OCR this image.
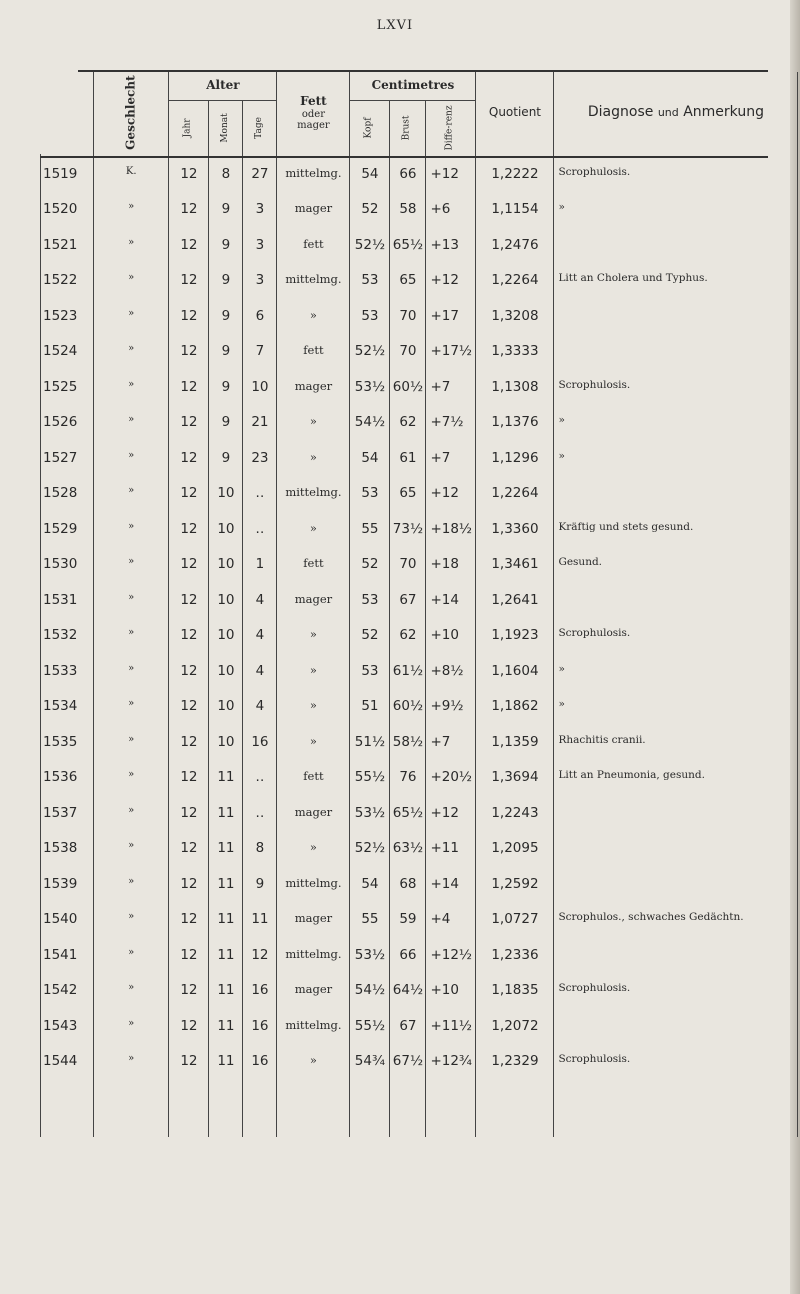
LXVI
	Geschlecht	Alter			Fett
oder
mager	Centimetres			Quotient	Diagnose und Anmerkung
		Jahr	Monat	Tage		Kopf	Brust	Diffe-renz		
1519	K.	12	8	27	mittelmg.	54	66	+12	1,2222	Scrophulosis.
1520	»	12	9	3	mager	52	58	+6	1,1154	»
1521	»	12	9	3	fett	52½	65½	+13	1,2476	
1522	»	12	9	3	mittelmg.	53	65	+12	1,2264	Litt an Cholera und Typhus.
1523	»	12	9	6	»	53	70	+17	1,3208	
1524	»	12	9	7	fett	52½	70	+17½	1,3333	
1525	»	12	9	10	mager	53½	60½	+7	1,1308	Scrophulosis.
1526	»	12	9	21	»	54½	62	+7½	1,1376	»
1527	»	12	9	23	»	54	61	+7	1,1296	»
1528	»	12	10	‥	mittelmg.	53	65	+12	1,2264	
1529	»	12	10	‥	»	55	73½	+18½	1,3360	Kräftig und stets gesund.
1530	»	12	10	1	fett	52	70	+18	1,3461	Gesund.
1531	»	12	10	4	mager	53	67	+14	1,2641	
1532	»	12	10	4	»	52	62	+10	1,1923	Scrophulosis.
1533	»	12	10	4	»	53	61½	+8½	1,1604	»
1534	»	12	10	4	»	51	60½	+9½	1,1862	»
1535	»	12	10	16	»	51½	58½	+7	1,1359	Rhachitis cranii.
1536	»	12	11	‥	fett	55½	76	+20½	1,3694	Litt an Pneumonia, gesund.
1537	»	12	11	‥	mager	53½	65½	+12	1,2243	
1538	»	12	11	8	»	52½	63½	+11	1,2095	
1539	»	12	11	9	mittelmg.	54	68	+14	1,2592	
1540	»	12	11	11	mager	55	59	+4	1,0727	Scrophulos., schwaches Gedächtn.
1541	»	12	11	12	mittelmg.	53½	66	+12½	1,2336	
1542	»	12	11	16	mager	54½	64½	+10	1,1835	Scrophulosis.
1543	»	12	11	16	mittelmg.	55½	67	+11½	1,2072	
1544	»	12	11	16	»	54¾	67½	+12¾	1,2329	Scrophulosis.
